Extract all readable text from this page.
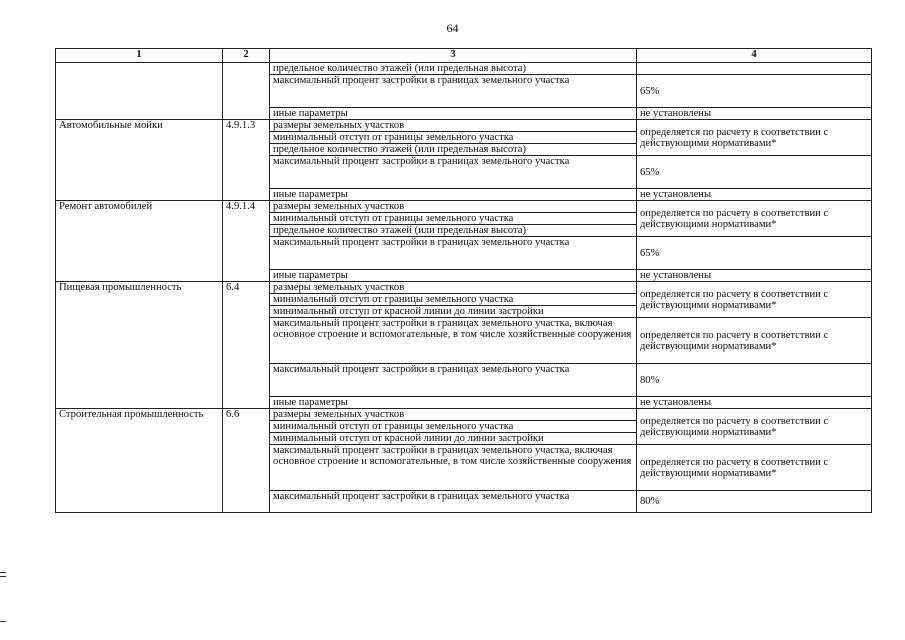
64
1	2	3	4
		предельное количество этажей (или предельная высота)	
		максимальный процент застройки в границах земельного участка	65%
		иные параметры	не установлены
Автомобильные мойки	4.9.1.3	размеры земельных участков	определяется по расчету в соответствии с действующими нормативами*
		минимальный отступ от границы земельного участка	
		предельное количество этажей (или предельная высота)	
		максимальный процент застройки в границах земельного участка	65%
		иные параметры	не установлены
Ремонт автомобилей	4.9.1.4	размеры земельных участков	определяется по расчету в соответствии с действующими нормативами*
		минимальный отступ от границы земельного участка	
		предельное количество этажей (или предельная высота)	
		максимальный процент застройки в границах земельного участка	65%
		иные параметры	не установлены
Пищевая промышленность	6.4	размеры земельных участков	определяется по расчету в соответствии с действующими нормативами*
		минимальный отступ от границы земельного участка	
		минимальный отступ от красной линии до линии застройки	
		максимальный процент застройки в границах земельного участка, включая основное строение и вспомогательные, в том числе хозяйственные сооружения	определяется по расчету в соответствии с действующими нормативами*
		максимальный процент застройки в границах земельного участка	80%
		иные параметры	не установлены
Строительная промышленность	6.6	размеры земельных участков	определяется по расчету в соответствии с действующими нормативами*
		минимальный отступ от границы земельного участка	
		минимальный отступ от красной линии до линии застройки	
		максимальный процент застройки в границах земельного участка, включая основное строение и вспомогательные, в том числе хозяйственные сооружения	определяется по расчету в соответствии с действующими нормативами*
		максимальный процент застройки в границах земельного участка	80%
